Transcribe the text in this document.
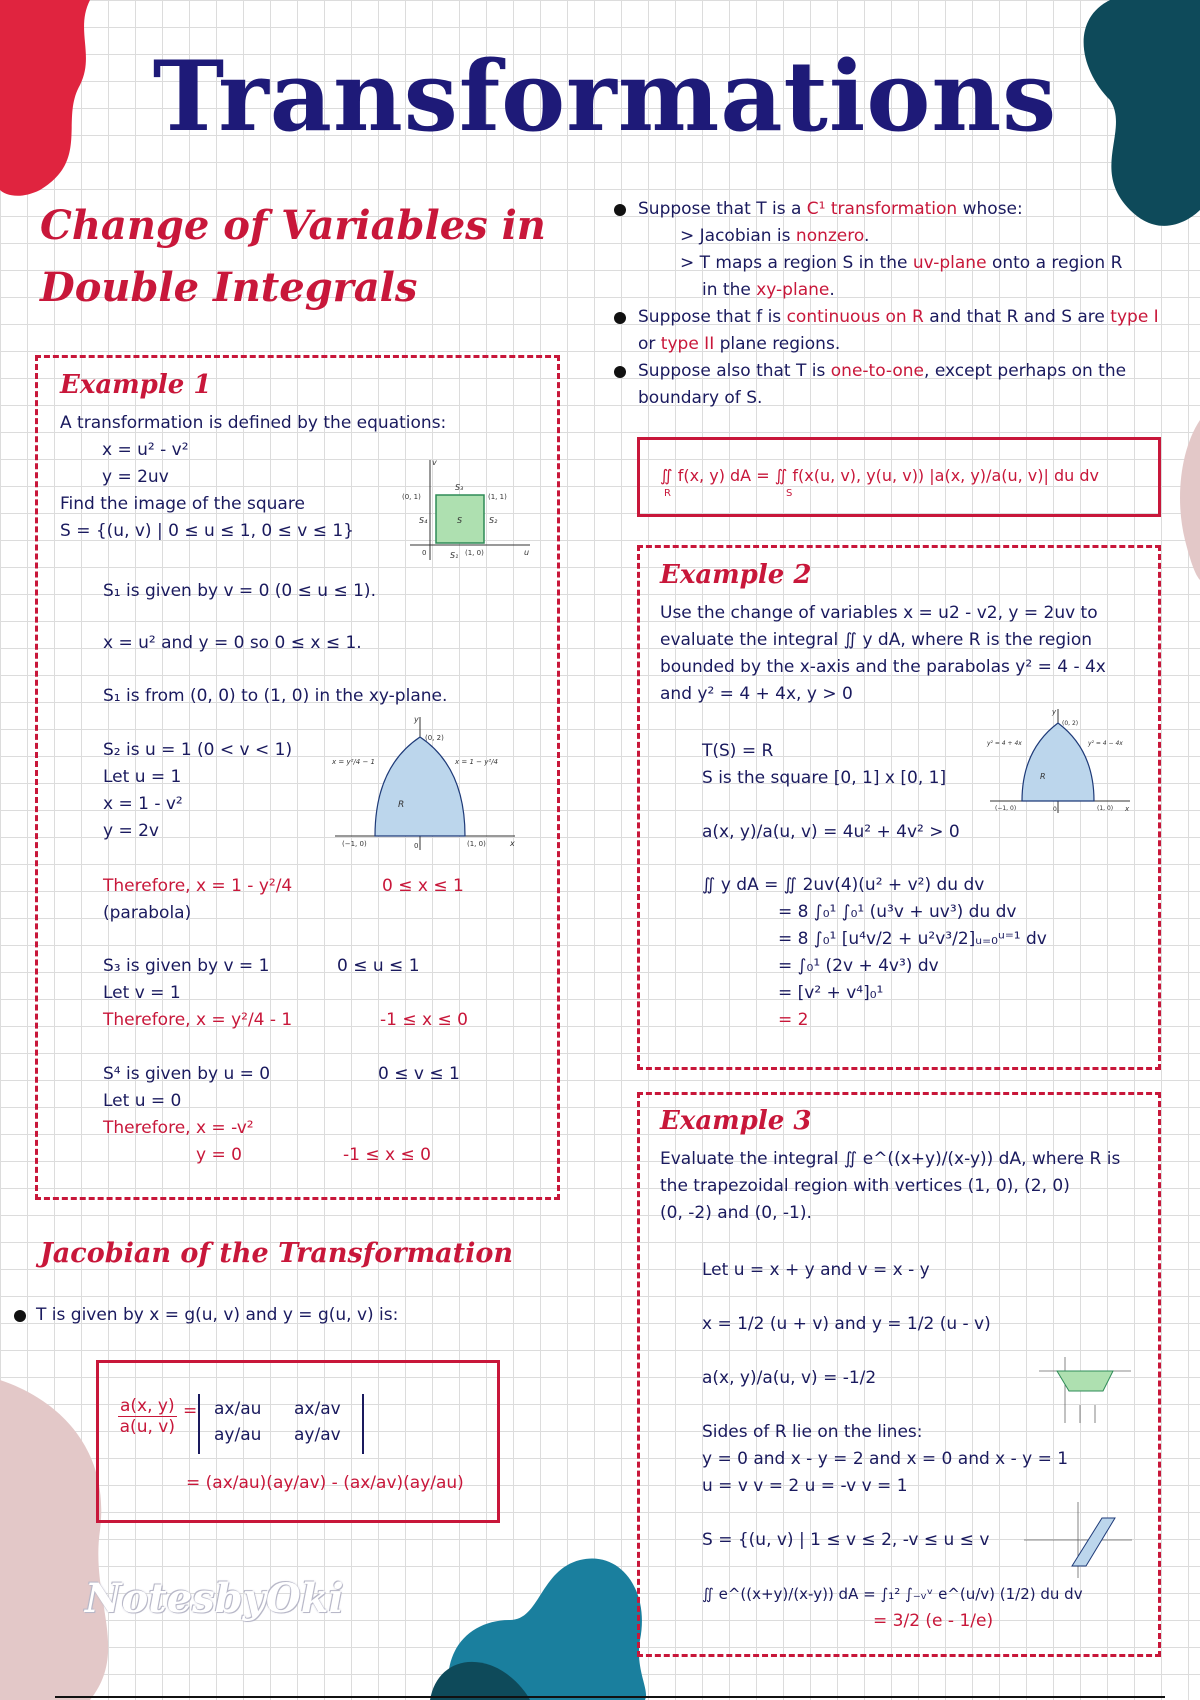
Transformations
Change of Variables in
Double Integrals
Example 1
A transformation is defined by the equations:
x = u² - v²
y = 2uv
Find the image of the square
S = {(u, v) | 0 ≤ u ≤ 1, 0 ≤ v ≤ 1}
(0, 1)	(1, 1)
S₃
S₄	S	S₂
S₁ (1, 0)
0
v
u
S₁ is given by v = 0 (0 ≤ u ≤ 1).
x = u² and y = 0 so 0 ≤ x ≤ 1.
S₁ is from (0, 0) to (1, 0) in the xy-plane.
S₂ is u = 1 (0 < v < 1)
Let u = 1
x = 1 - v²
y = 2v
(0, 2)
x = y²/4 − 1	x = 1 − y²/4
R
(−1, 0)	0	(1, 0)
y
x
Therefore, x = 1 - y²/4	0 ≤ x ≤ 1
(parabola)
S₃ is given by v = 1	0 ≤ u ≤ 1
Let v = 1
Therefore, x = y²/4 - 1	-1 ≤ x ≤ 0
S⁴ is given by u = 0	0 ≤ v ≤ 1
Let u = 0
Therefore, x = -v²
y = 0	-1 ≤ x ≤ 0
Jacobian of the Transformation
T is given by x = g(u, v) and y = g(u, v) is:
$\frac{a(x, y)}{a(u, v)} = ax/au$ ax/av
ay/au ay/av
= (ax/au)(ay/av) - (ax/av)(ay/au)
NotesbyOki
Suppose that T is a C¹ transformation whose:
> Jacobian is nonzero.
> T maps a region S in the uv-plane onto a region R
in the xy-plane.
Suppose that f is continuous on R and that R and S are type I
or type II plane regions.
Suppose also that T is one-to-one, except perhaps on the
boundary of S.
∬ f(x, y) dA = ∬ f(x(u, v), y(u, v)) |a(x, y)/a(u, v)| du dv
R	S
Example 2
Use the change of variables x = u2 - v2, y = 2uv to
evaluate the integral ∬ y dA, where R is the region
bounded by the x-axis and the parabolas y² = 4 - 4x
and y² = 4 + 4x, y > 0
T(S) = R
S is the square [0, 1] x [0, 1]
a(x, y)/a(u, v) = 4u² + 4v² > 0
∬ y dA = ∬ 2uv(4)(u² + v²) du dv
= 8 ∫₀¹ ∫₀¹ (u³v + uv³) du dv
= 8 ∫₀¹ [u⁴v/2 + u²v³/2]ᵤ₌₀ᵘ⁼¹ dv
= ∫₀¹ (2v + 4v³) dv
= [v² + v⁴]₀¹
= 2
(0, 2)
y² = 4 + 4x	y² = 4 − 4x
R
(−1, 0)	0	(1, 0)
y
x
Example 3
Evaluate the integral ∬ e^((x+y)/(x-y)) dA, where R is
the trapezoidal region with vertices (1, 0), (2, 0)
(0, -2) and (0, -1).
Let u = x + y and v = x - y
x = 1/2 (u + v) and y = 1/2 (u - v)
a(x, y)/a(u, v) = -1/2
Sides of R lie on the lines:
y = 0 and x - y = 2 and x = 0 and x - y = 1
u = v v = 2 u = -v v = 1
S = {(u, v) | 1 ≤ v ≤ 2, -v ≤ u ≤ v
∬ e^((x+y)/(x-y)) dA = ∫₁² ∫₋ᵥᵛ e^(u/v) (1/2) du dv
= 3/2 (e - 1/e)
